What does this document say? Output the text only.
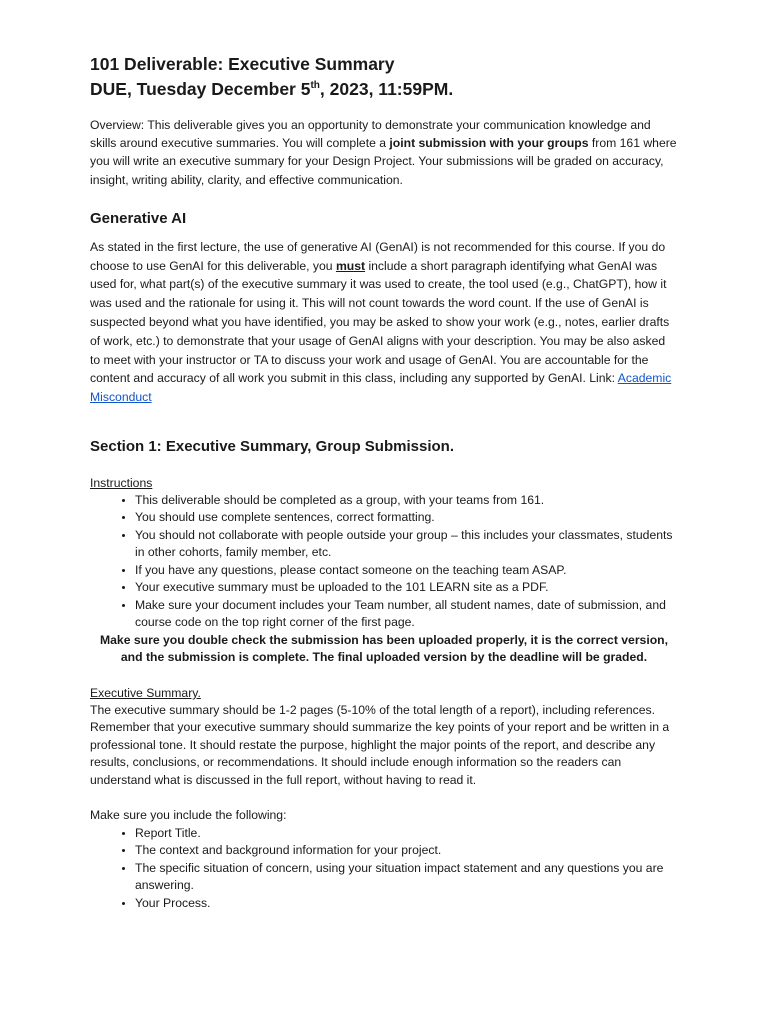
101 Deliverable: Executive Summary
DUE, Tuesday December 5th, 2023, 11:59PM.

Overview: This deliverable gives you an opportunity to demonstrate your communication knowledge and skills around executive summaries. You will complete a joint submission with your groups from 161 where you will write an executive summary for your Design Project. Your submissions will be graded on accuracy, insight, writing ability, clarity, and effective communication.

Generative AI

As stated in the first lecture, the use of generative AI (GenAI) is not recommended for this course. If you do choose to use GenAI for this deliverable, you must include a short paragraph identifying what GenAI was used for, what part(s) of the executive summary it was used to create, the tool used (e.g., ChatGPT), how it was used and the rationale for using it. This will not count towards the word count. If the use of GenAI is suspected beyond what you have identified, you may be asked to show your work (e.g., notes, earlier drafts of work, etc.) to demonstrate that your usage of GenAI aligns with your description. You may be also asked to meet with your instructor or TA to discuss your work and usage of GenAI. You are accountable for the content and accuracy of all work you submit in this class, including any supported by GenAI. Link: Academic Misconduct

Section 1: Executive Summary, Group Submission.

Instructions

• This deliverable should be completed as a group, with your teams from 161.
• You should use complete sentences, correct formatting.
• You should not collaborate with people outside your group – this includes your classmates, students in other cohorts, family member, etc.
• If you have any questions, please contact someone on the teaching team ASAP.
• Your executive summary must be uploaded to the 101 LEARN site as a PDF.
• Make sure your document includes your Team number, all student names, date of submission, and course code on the top right corner of the first page.

Make sure you double check the submission has been uploaded properly, it is the correct version, and the submission is complete. The final uploaded version by the deadline will be graded.

Executive Summary.

The executive summary should be 1-2 pages (5-10% of the total length of a report), including references. Remember that your executive summary should summarize the key points of your report and be written in a professional tone. It should restate the purpose, highlight the major points of the report, and describe any results, conclusions, or recommendations. It should include enough information so the readers can understand what is discussed in the full report, without having to read it.

Make sure you include the following:

• Report Title.
• The context and background information for your project.
• The specific situation of concern, using your situation impact statement and any questions you are answering.
• Your Process.
